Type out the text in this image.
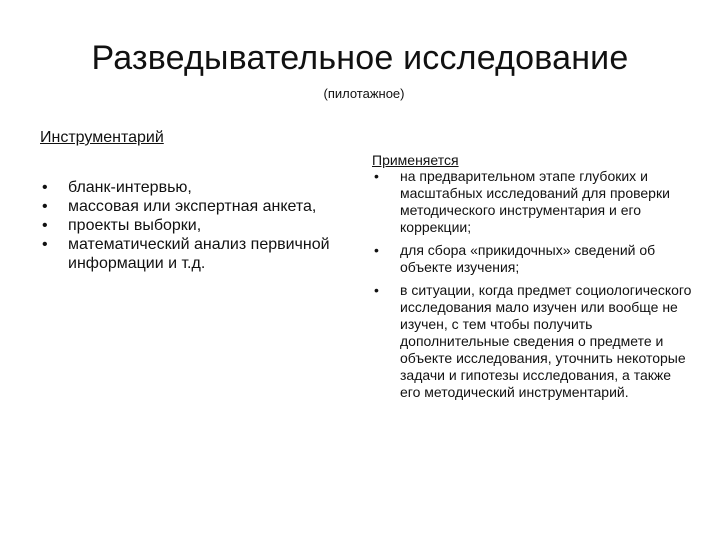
Разведывательное исследование
(пилотажное)
Инструментарий
• бланк-интервью,
• массовая или экспертная анкета,
• проекты выборки,
• математический анализ первичной информации и т.д.
Применяется
• на предварительном этапе глубоких и масштабных исследований для проверки методического инструментария и его коррекции;
• для сбора «прикидочных» сведений об объекте изучения;
• в ситуации, когда предмет социологического исследования мало изучен или вообще не изучен, с тем чтобы получить дополнительные сведения о предмете и объекте исследования, уточнить некоторые задачи и гипотезы исследования, а также его методический инструментарий.
